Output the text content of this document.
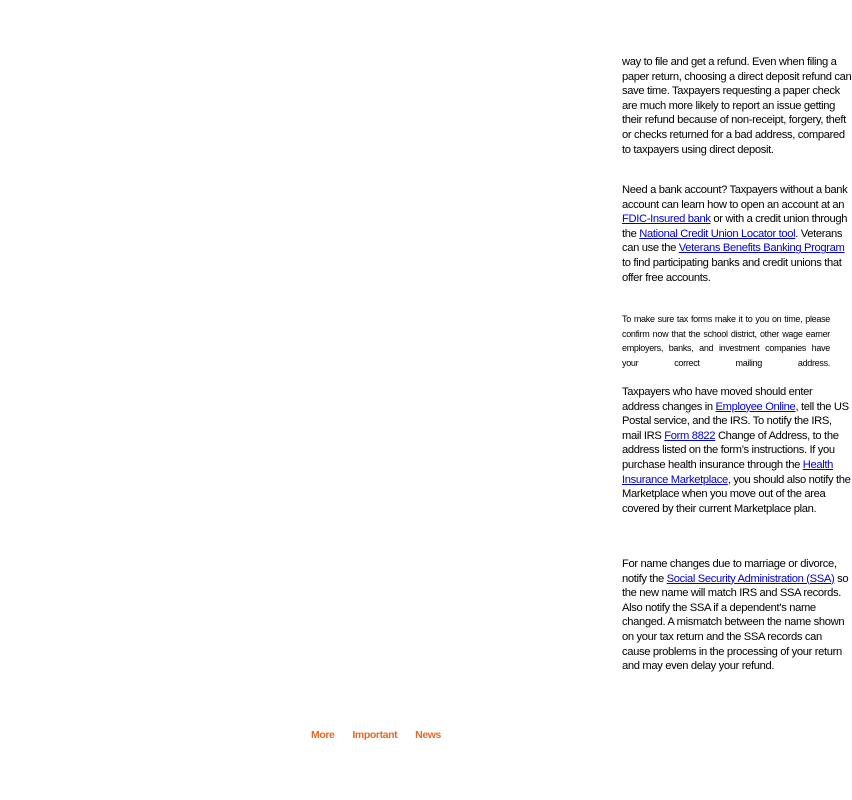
way to file and get a refund. Even when filing a paper return, choosing a direct deposit refund can save time. Taxpayers requesting a paper check are much more likely to report an issue getting their refund because of non-receipt, forgery, theft or checks returned for a bad address, compared to taxpayers using direct deposit.

Need a bank account? Taxpayers without a bank account can learn how to open an account at an FDIC-Insured bank or with a credit union through the National Credit Union Locator tool. Veterans can use the Veterans Benefits Banking Program to find participating banks and credit unions that offer free accounts.

To make sure tax forms make it to you on time, please confirm now that the school district, other wage earner employers, banks, and investment companies have your correct mailing address.

Taxpayers who have moved should enter address changes in Employee Online, tell the US Postal service, and the IRS. To notify the IRS, mail IRS Form 8822 Change of Address, to the address listed on the form’s instructions. If you purchase health insurance through the Health Insurance Marketplace, you should also notify the Marketplace when you move out of the area covered by their current Marketplace plan.

For name changes due to marriage or divorce, notify the Social Security Administration (SSA) so the new name will match IRS and SSA records. Also notify the SSA if a dependent’s name changed. A mismatch between the name shown on your tax return and the SSA records can cause problems in the processing of your return and may even delay your refund.

More Important News
